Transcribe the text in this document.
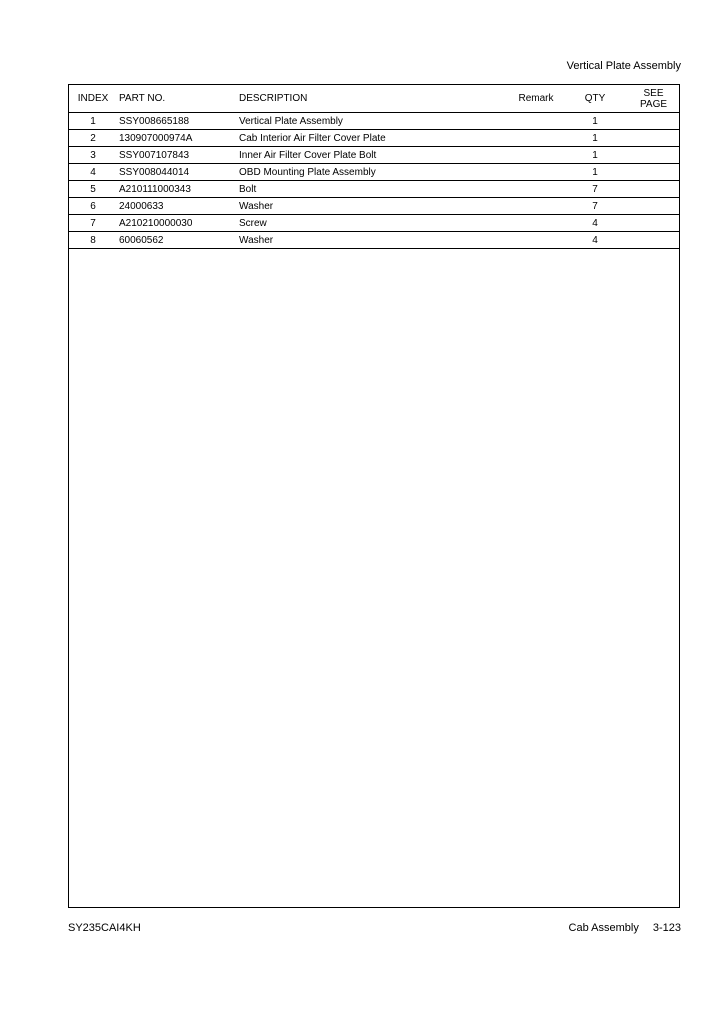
Vertical Plate Assembly
INDEX	PART NO.	DESCRIPTION	Remark	QTY	SEE
PAGE
1	SSY008665188	Vertical Plate Assembly		1	
2	130907000974A	Cab Interior Air Filter Cover Plate		1	
3	SSY007107843	Inner Air Filter Cover Plate Bolt		1	
4	SSY008044014	OBD Mounting Plate Assembly		1	
5	A210111000343	Bolt		7	
6	24000633	Washer		7	
7	A210210000030	Screw		4	
8	60060562	Washer		4	
SY235CAI4KH	Cab Assembly 3-123
